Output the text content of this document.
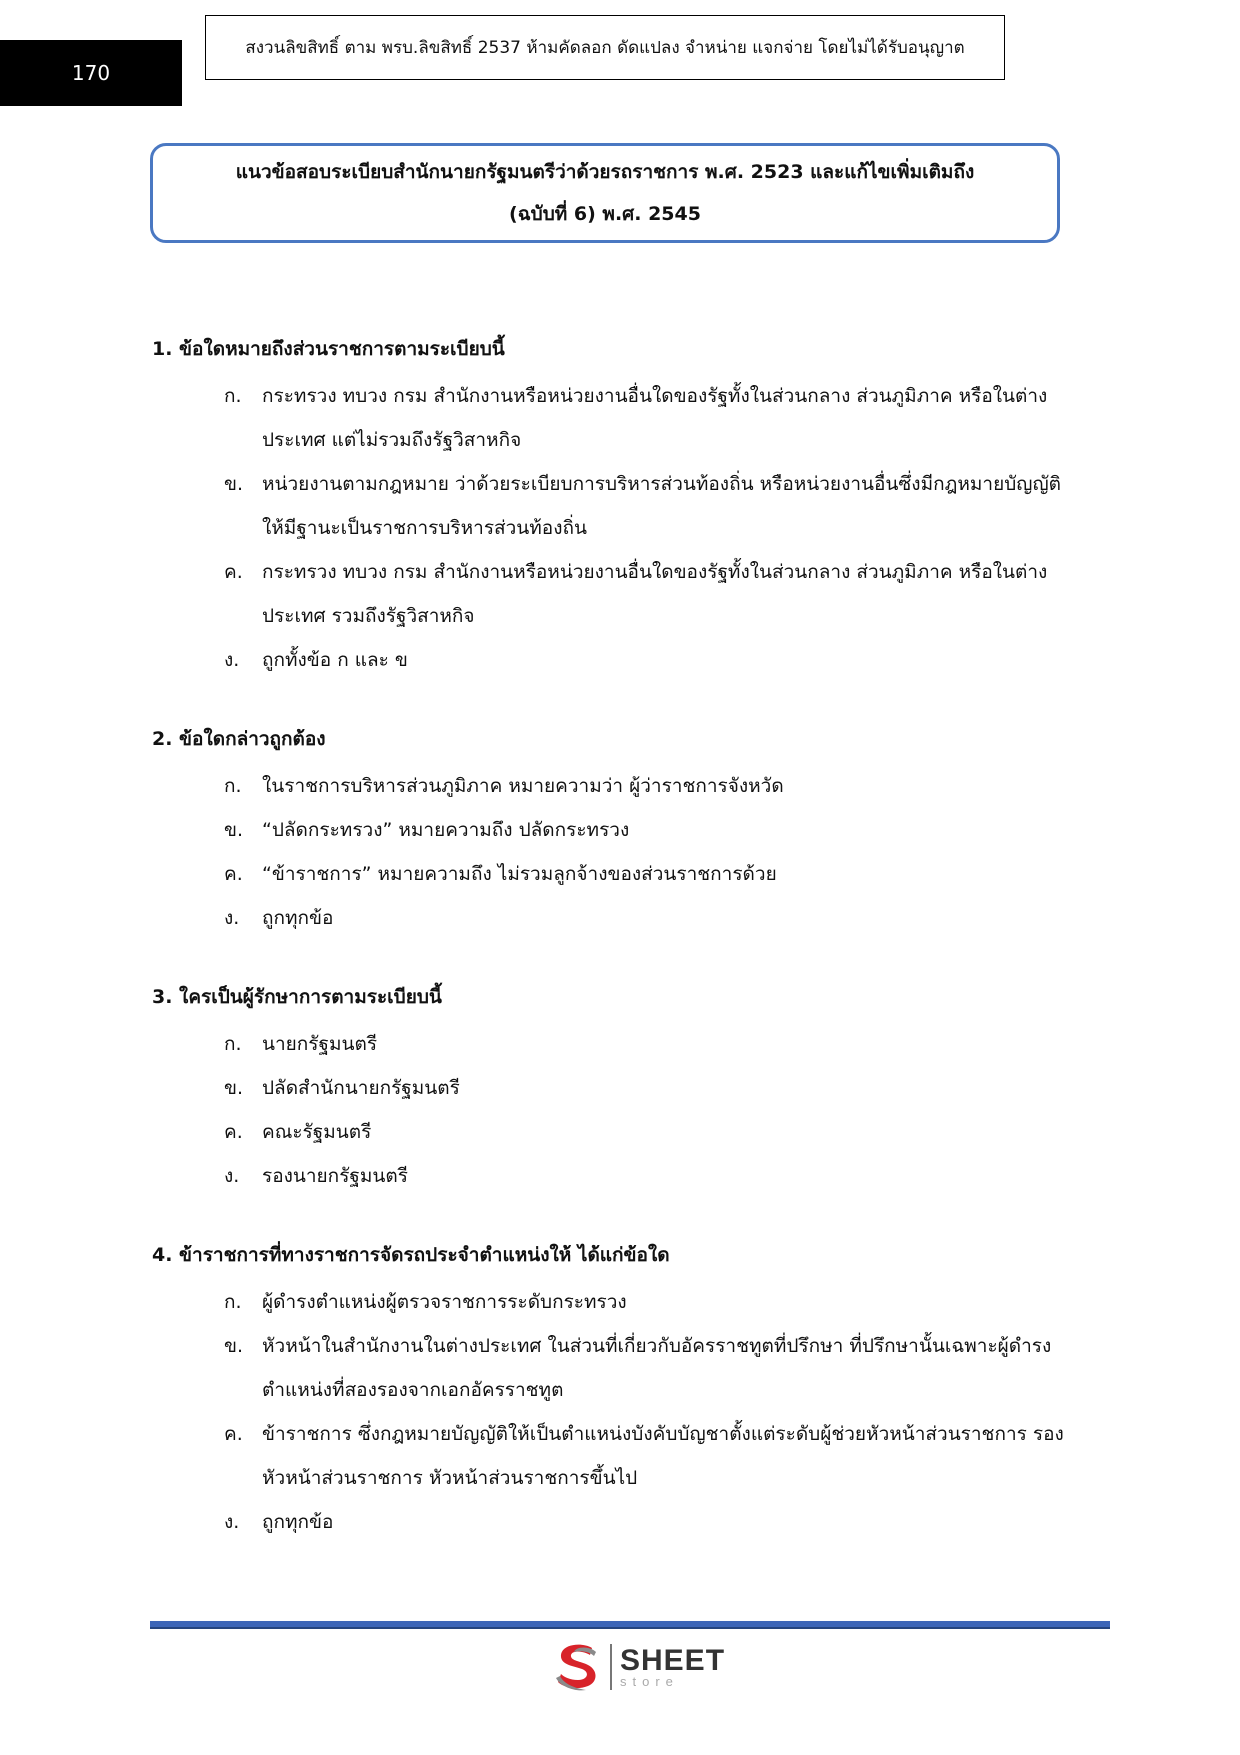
170
สงวนลิขสิทธิ์ ตาม พรบ.ลิขสิทธิ์ 2537 ห้ามคัดลอก ดัดแปลง จำหน่าย แจกจ่าย โดยไม่ได้รับอนุญาต
แนวข้อสอบระเบียบสำนักนายกรัฐมนตรีว่าด้วยรถราชการ พ.ศ. 2523 และแก้ไขเพิ่มเติมถึง
(ฉบับที่ 6) พ.ศ. 2545
1. ข้อใดหมายถึงส่วนราชการตามระเบียบนี้
ก.	กระทรวง ทบวง กรม สำนักงานหรือหน่วยงานอื่นใดของรัฐทั้งในส่วนกลาง ส่วนภูมิภาค หรือในต่างประเทศ แต่ไม่รวมถึงรัฐวิสาหกิจ
ข. หน่วยงานตามกฎหมาย ว่าด้วยระเบียบการบริหารส่วนท้องถิ่น หรือหน่วยงานอื่นซึ่งมีกฎหมายบัญญัติให้มีฐานะเป็นราชการบริหารส่วนท้องถิ่น
ค.	กระทรวง ทบวง กรม สำนักงานหรือหน่วยงานอื่นใดของรัฐทั้งในส่วนกลาง ส่วนภูมิภาค หรือในต่างประเทศ รวมถึงรัฐวิสาหกิจ
ง.	ถูกทั้งข้อ ก และ ข
2. ข้อใดกล่าวถูกต้อง
ก.	ในราชการบริหารส่วนภูมิภาค หมายความว่า ผู้ว่าราชการจังหวัด
ข. “ปลัดกระทรวง” หมายความถึง ปลัดกระทรวง
ค.	“ข้าราชการ” หมายความถึง ไม่รวมลูกจ้างของส่วนราชการด้วย
ง.	ถูกทุกข้อ
3. ใครเป็นผู้รักษาการตามระเบียบนี้
ก.	นายกรัฐมนตรี
ข. ปลัดสำนักนายกรัฐมนตรี
ค.	คณะรัฐมนตรี
ง.	รองนายกรัฐมนตรี
4. ข้าราชการที่ทางราชการจัดรถประจำตำแหน่งให้ ได้แก่ข้อใด
ก.	ผู้ดำรงตำแหน่งผู้ตรวจราชการระดับกระทรวง
ข. หัวหน้าในสำนักงานในต่างประเทศ ในส่วนที่เกี่ยวกับอัครราชทูตที่ปรึกษา ที่ปรึกษานั้นเฉพาะผู้ดำรงตำแหน่งที่สองรองจากเอกอัครราชทูต
ค.	ข้าราชการ ซึ่งกฎหมายบัญญัติให้เป็นตำแหน่งบังคับบัญชาตั้งแต่ระดับผู้ช่วยหัวหน้าส่วนราชการ รองหัวหน้าส่วนราชการ หัวหน้าส่วนราชการขึ้นไป
ง.	ถูกทุกข้อ
SHEET
store
